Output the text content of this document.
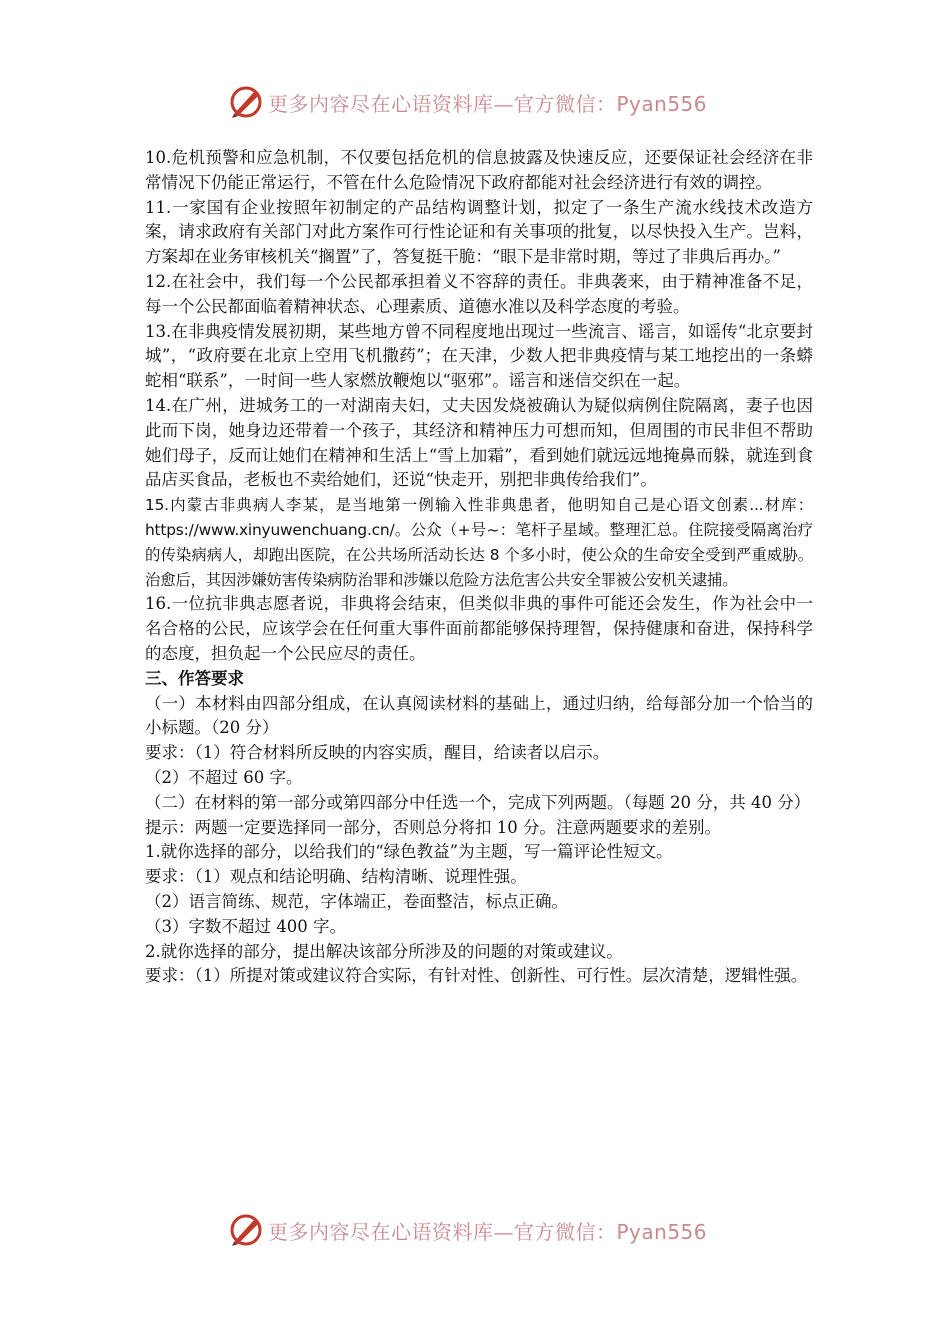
更多内容尽在心语资料库—官方微信：Pyan556

10.危机预警和应急机制，不仅要包括危机的信息披露及快速反应，还要保证社会经济在非常情况下仍能正常运行，不管在什么危险情况下政府都能对社会经济进行有效的调控。

11.一家国有企业按照年初制定的产品结构调整计划，拟定了一条生产流水线技术改造方案，请求政府有关部门对此方案作可行性论证和有关事项的批复，以尽快投入生产。岂料，方案却在业务审核机关“搁置”了，答复挺干脆：“眼下是非常时期，等过了非典后再办。”

12.在社会中，我们每一个公民都承担着义不容辞的责任。非典袭来，由于精神准备不足，每一个公民都面临着精神状态、心理素质、道德水准以及科学态度的考验。

13.在非典疫情发展初期，某些地方曾不同程度地出现过一些流言、谣言，如谣传“北京要封城”，“政府要在北京上空用飞机撒药”；在天津，少数人把非典疫情与某工地挖出的一条蟒蛇相“联系”，一时间一些人家燃放鞭炮以“驱邪”。谣言和迷信交织在一起。

14.在广州，进城务工的一对湖南夫妇，丈夫因发烧被确认为疑似病例住院隔离，妻子也因此而下岗，她身边还带着一个孩子，其经济和精神压力可想而知，但周围的市民非但不帮助她们母子，反而让她们在精神和生活上“雪上加霜”，看到她们就远远地掩鼻而躲，就连到食品店买食品，老板也不卖给她们，还说“快走开，别把非典传给我们”。

15.内蒙古非典病人李某，是当地第一例输入性非典患者，他明知自己是心语文创素...材库：https://www.xinyuwenchuang.cn/。公众（+号~：笔杆子星域。整理汇总。住院接受隔离治疗的传染病病人，却跑出医院，在公共场所活动长达 8 个多小时，使公众的生命安全受到严重威胁。治愈后，其因涉嫌妨害传染病防治罪和涉嫌以危险方法危害公共安全罪被公安机关逮捕。

16.一位抗非典志愿者说，非典将会结束，但类似非典的事件可能还会发生，作为社会中一名合格的公民，应该学会在任何重大事件面前都能够保持理智，保持健康和奋进，保持科学的态度，担负起一个公民应尽的责任。

三、作答要求

（一）本材料由四部分组成，在认真阅读材料的基础上，通过归纳，给每部分加一个恰当的小标题。（20 分）

要求：（1）符合材料所反映的内容实质，醒目，给读者以启示。

（2）不超过 60 字。

（二）在材料的第一部分或第四部分中任选一个，完成下列两题。（每题 20 分，共 40 分）

提示：两题一定要选择同一部分，否则总分将扣 10 分。注意两题要求的差别。

1.就你选择的部分，以给我们的“绿色教益”为主题，写一篇评论性短文。

要求：（1）观点和结论明确、结构清晰、说理性强。

（2）语言简练、规范，字体端正，卷面整洁，标点正确。

（3）字数不超过 400 字。

2.就你选择的部分，提出解决该部分所涉及的问题的对策或建议。

要求：（1）所提对策或建议符合实际，有针对性、创新性、可行性。层次清楚，逻辑性强。

更多内容尽在心语资料库—官方微信：Pyan556
